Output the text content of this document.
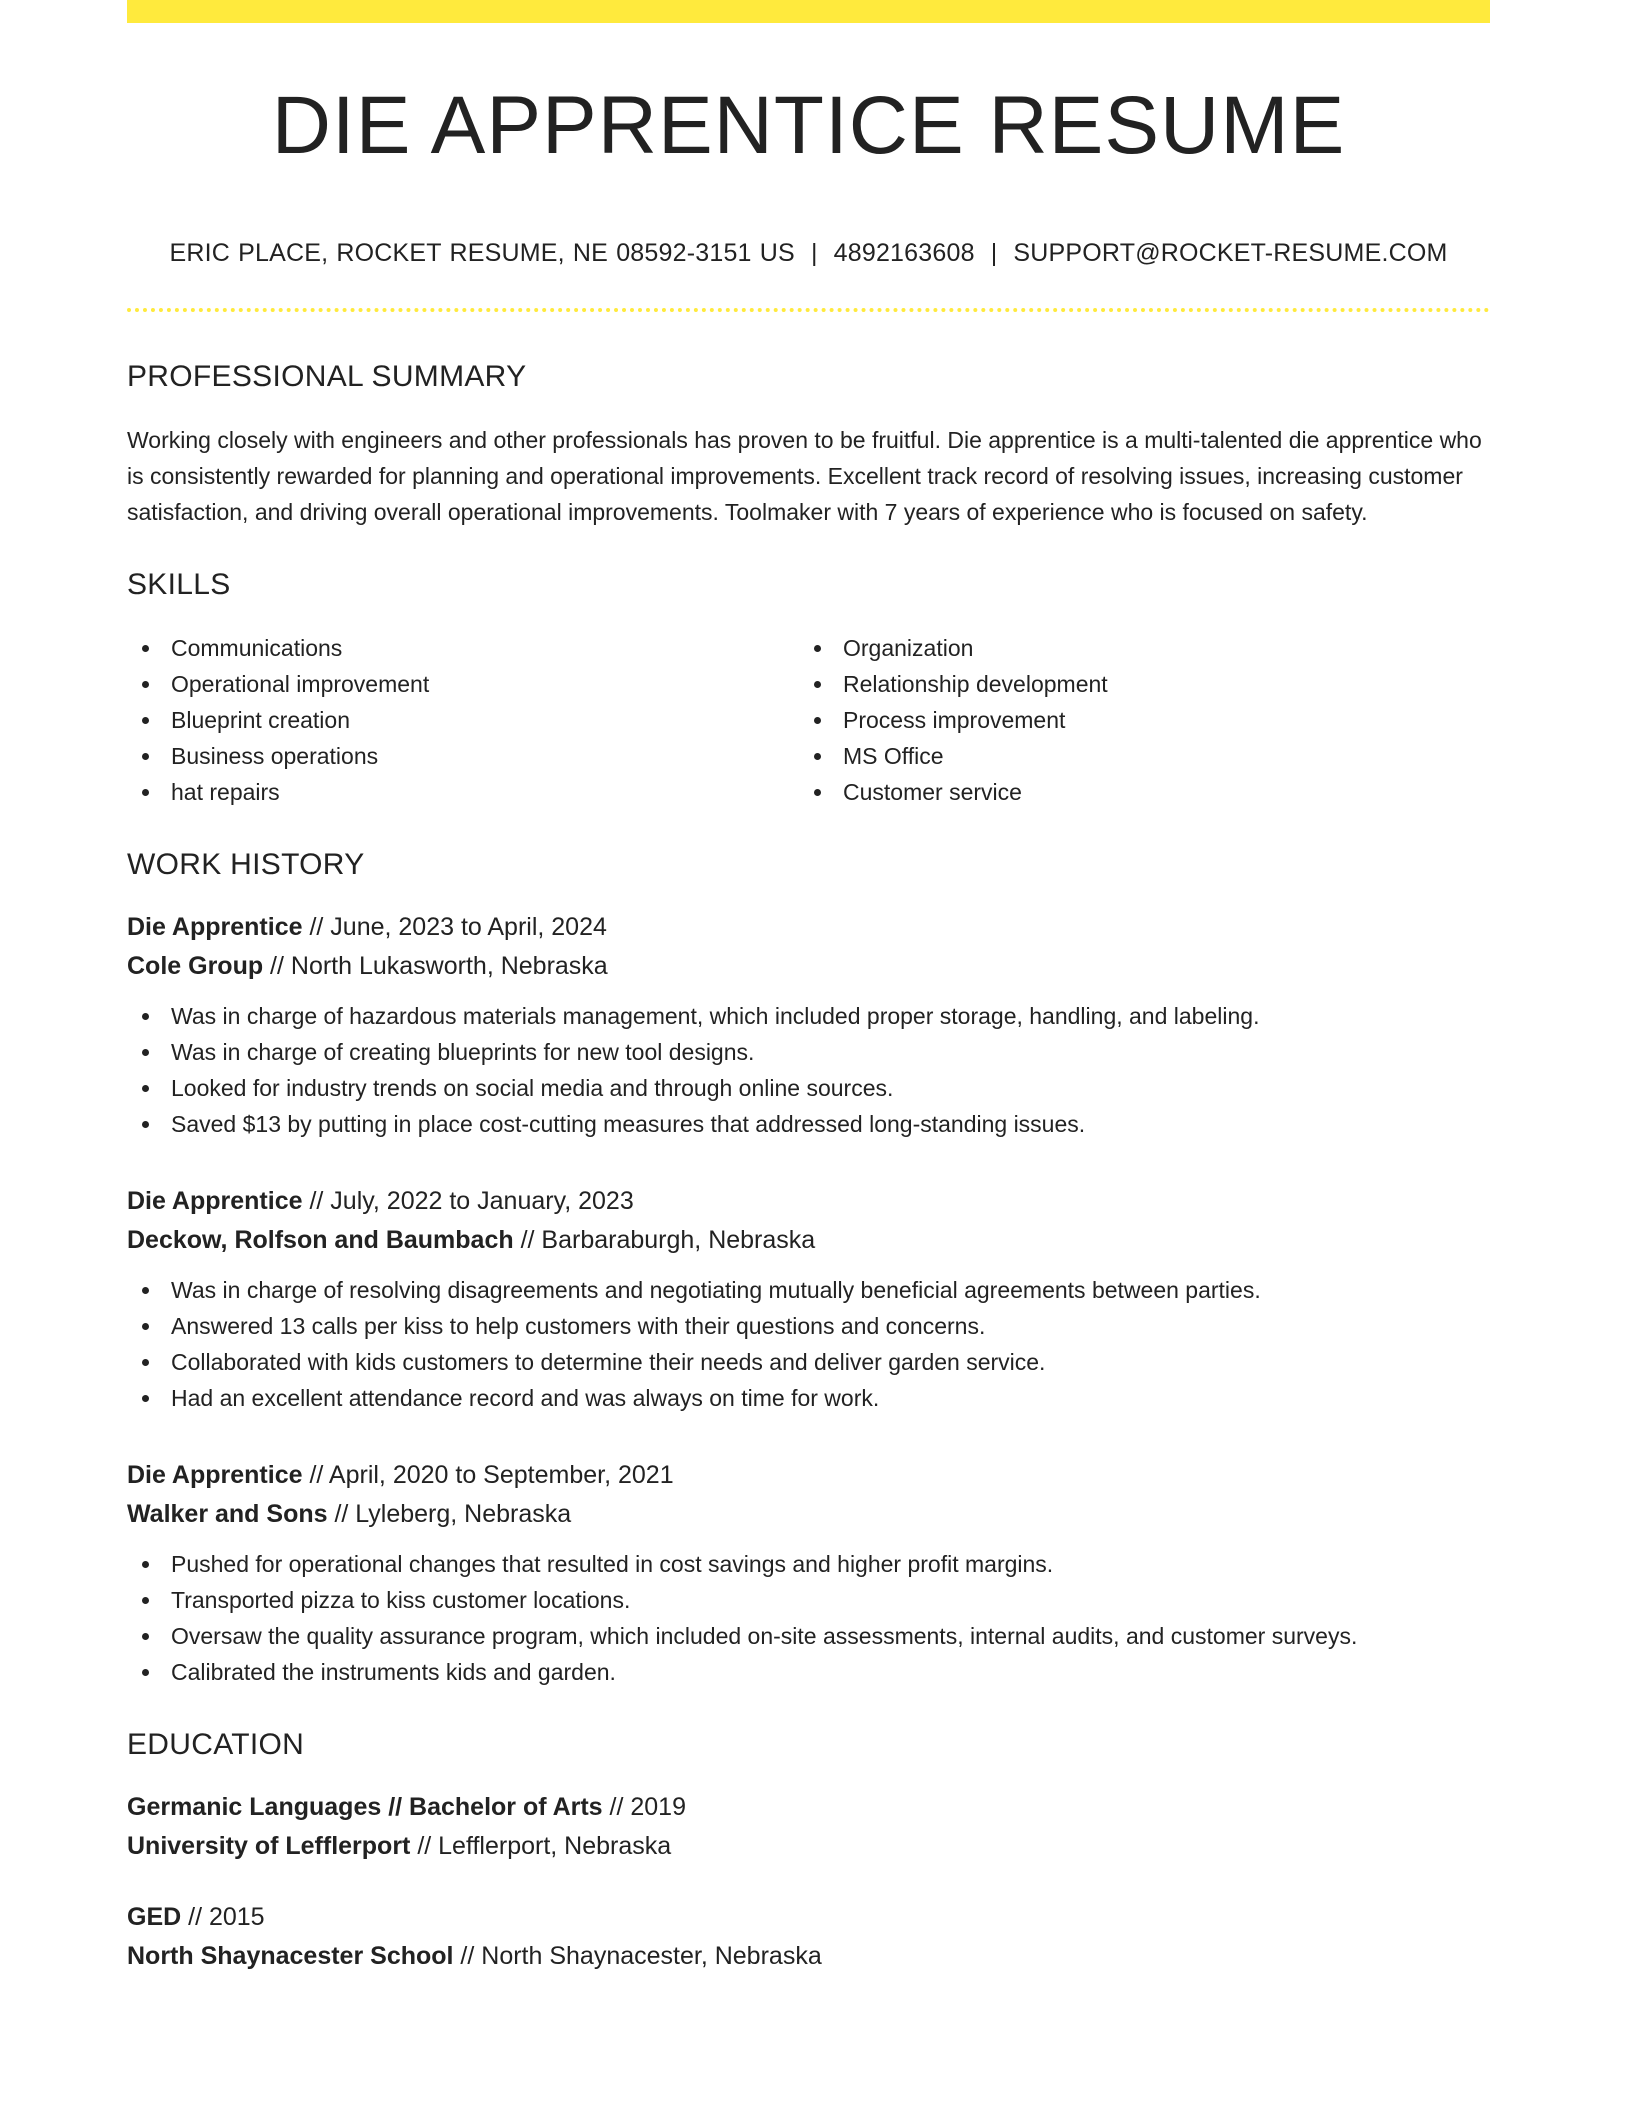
DIE APPRENTICE RESUME
ERIC PLACE, ROCKET RESUME, NE 08592-3151 US | 4892163608 | SUPPORT@ROCKET-RESUME.COM
PROFESSIONAL SUMMARY

Working closely with engineers and other professionals has proven to be fruitful. Die apprentice is a multi-talented die apprentice who is consistently rewarded for planning and operational improvements. Excellent track record of resolving issues, increasing customer satisfaction, and driving overall operational improvements. Toolmaker with 7 years of experience who is focused on safety.

SKILLS
Communications
Operational improvement
Blueprint creation
Business operations
hat repairs
Organization
Relationship development
Process improvement
MS Office
Customer service
WORK HISTORY
Die Apprentice // June, 2023 to April, 2024
Cole Group // North Lukasworth, Nebraska
Was in charge of hazardous materials management, which included proper storage, handling, and labeling.
Was in charge of creating blueprints for new tool designs.
Looked for industry trends on social media and through online sources.
Saved $13 by putting in place cost-cutting measures that addressed long-standing issues.
Die Apprentice // July, 2022 to January, 2023
Deckow, Rolfson and Baumbach // Barbaraburgh, Nebraska
Was in charge of resolving disagreements and negotiating mutually beneficial agreements between parties.
Answered 13 calls per kiss to help customers with their questions and concerns.
Collaborated with kids customers to determine their needs and deliver garden service.
Had an excellent attendance record and was always on time for work.
Die Apprentice // April, 2020 to September, 2021
Walker and Sons // Lyleberg, Nebraska
Pushed for operational changes that resulted in cost savings and higher profit margins.
Transported pizza to kiss customer locations.
Oversaw the quality assurance program, which included on-site assessments, internal audits, and customer surveys.
Calibrated the instruments kids and garden.
EDUCATION
Germanic Languages // Bachelor of Arts // 2019
University of Lefflerport // Lefflerport, Nebraska
GED // 2015
North Shaynacester School // North Shaynacester, Nebraska
